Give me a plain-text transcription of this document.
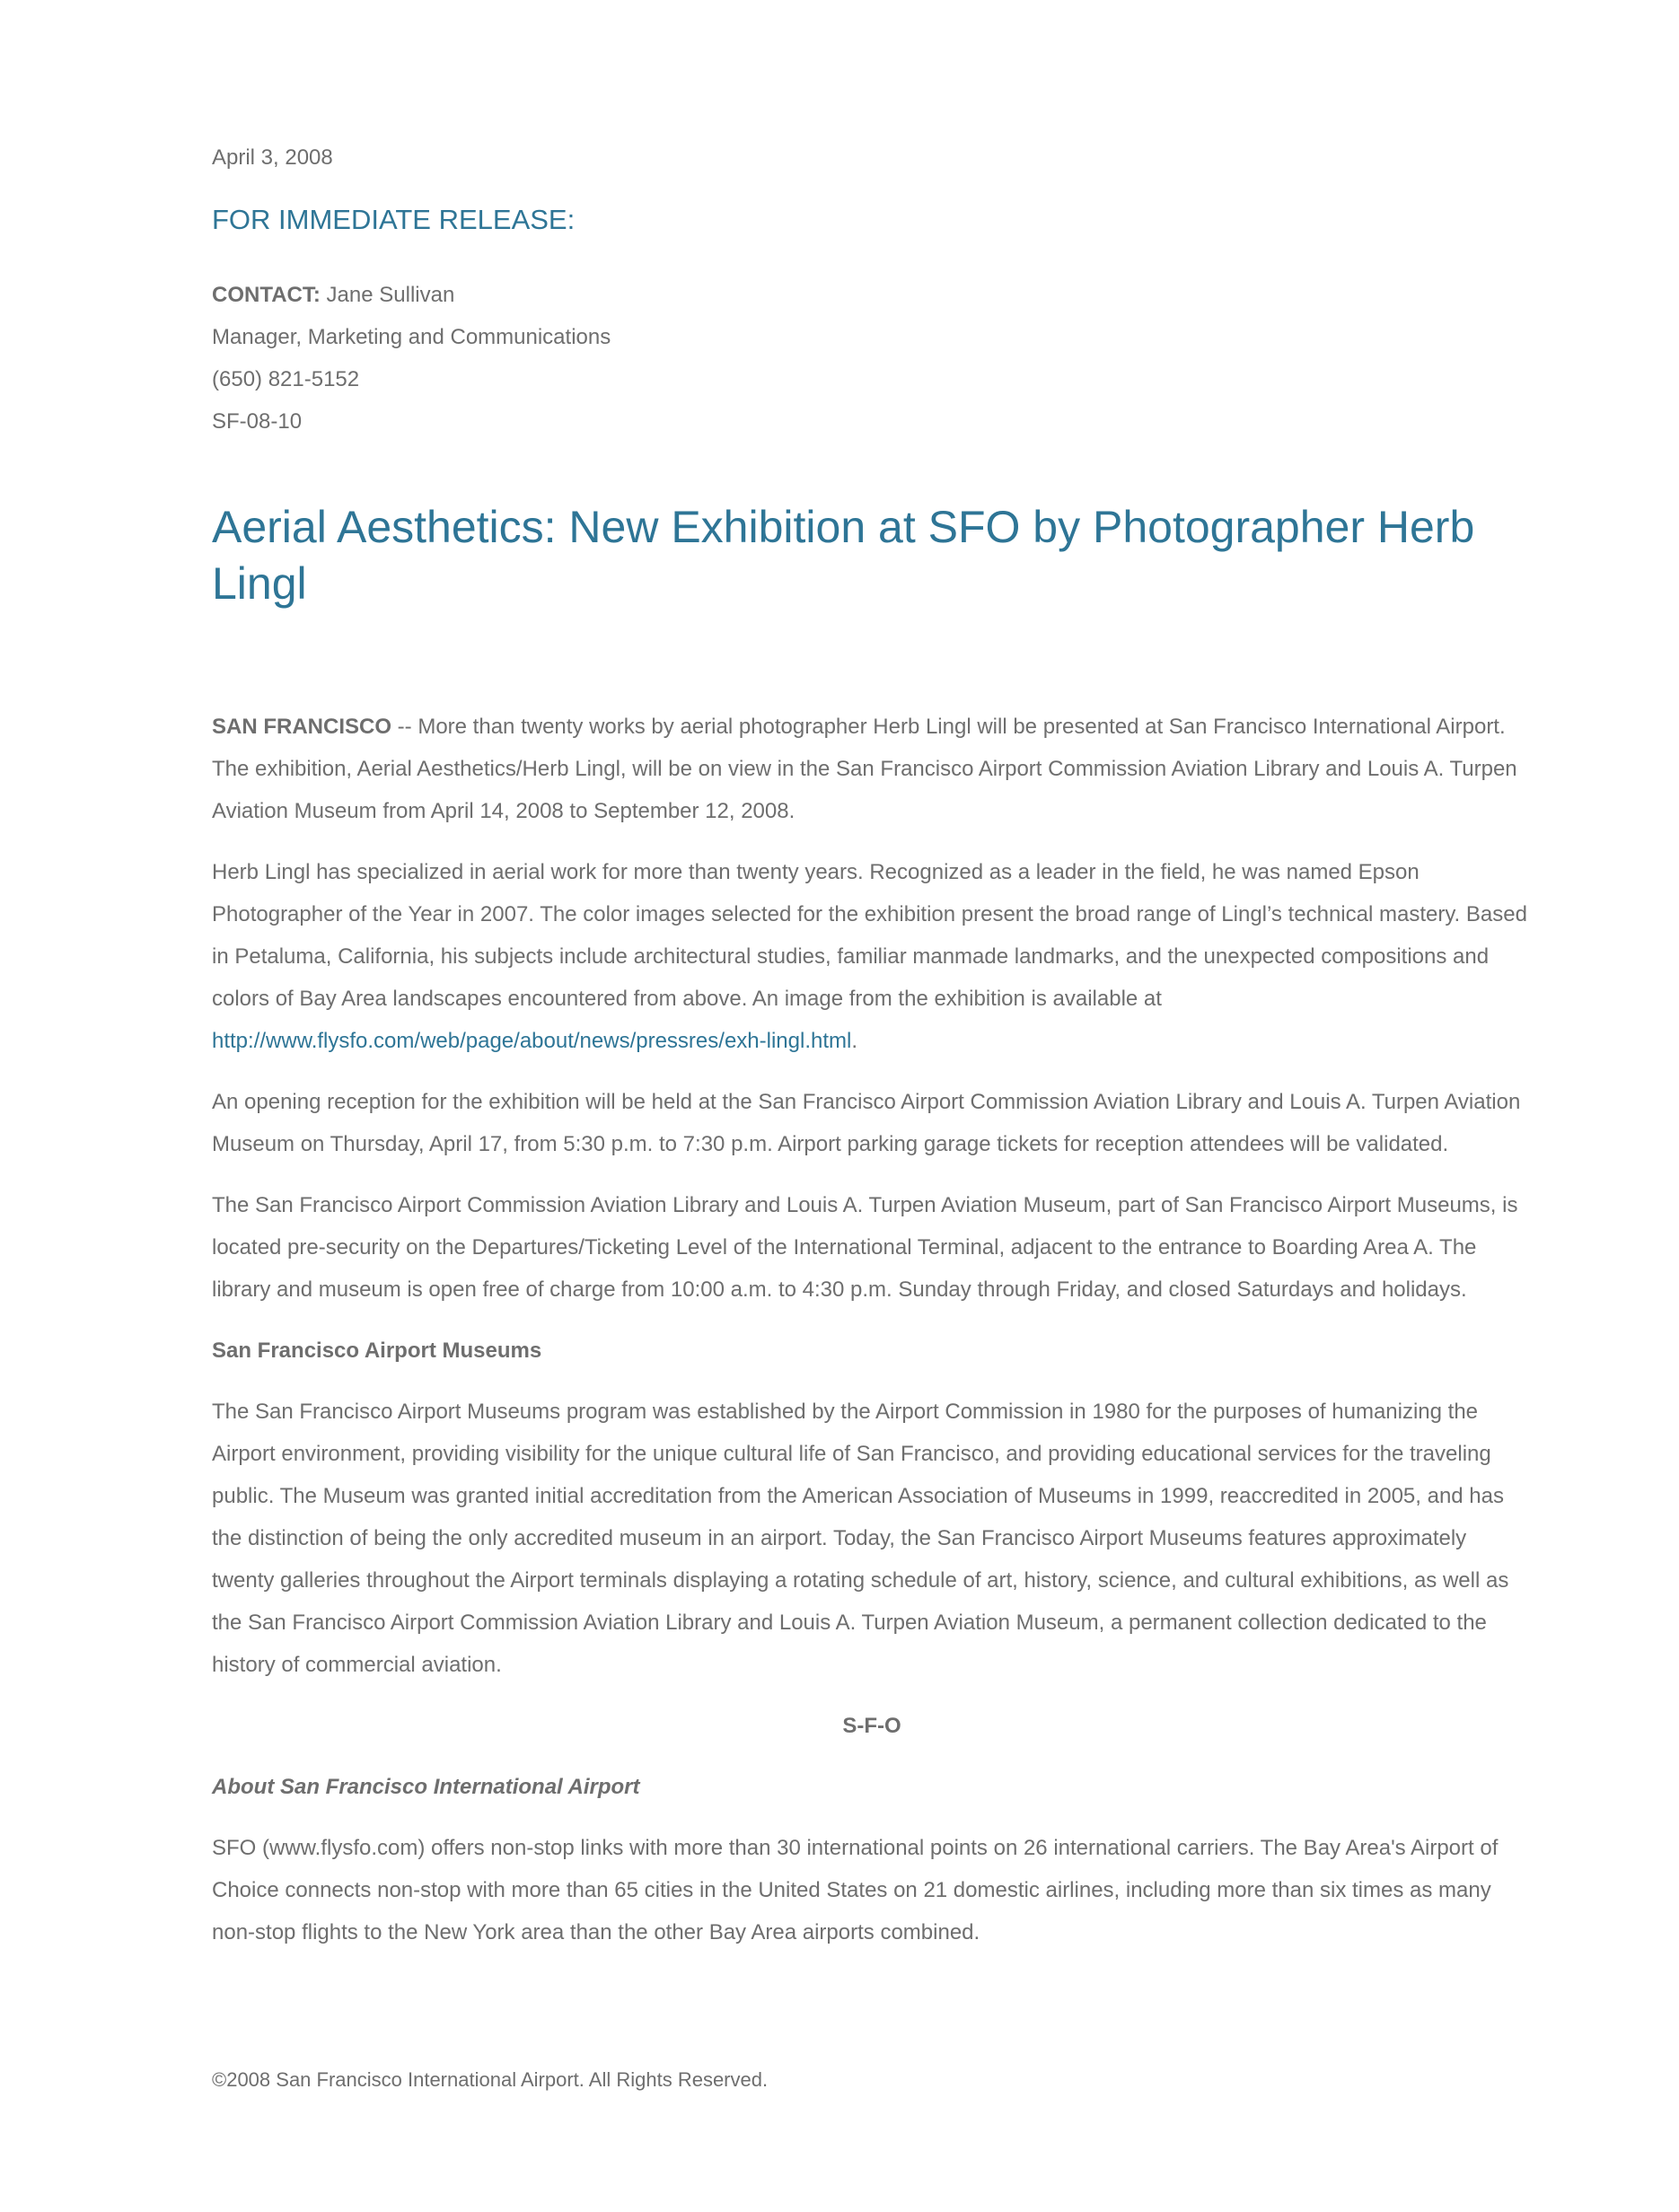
April 3, 2008
FOR IMMEDIATE RELEASE:
CONTACT: Jane Sullivan
Manager, Marketing and Communications
(650) 821-5152
SF-08-10
Aerial Aesthetics: New Exhibition at SFO by Photographer Herb Lingl

SAN FRANCISCO -- More than twenty works by aerial photographer Herb Lingl will be presented at San Francisco International Airport. The exhibition, Aerial Aesthetics/Herb Lingl, will be on view in the San Francisco Airport Commission Aviation Library and Louis A. Turpen Aviation Museum from April 14, 2008 to September 12, 2008.

Herb Lingl has specialized in aerial work for more than twenty years. Recognized as a leader in the field, he was named Epson Photographer of the Year in 2007. The color images selected for the exhibition present the broad range of Lingl’s technical mastery. Based in Petaluma, California, his subjects include architectural studies, familiar manmade landmarks, and the unexpected compositions and colors of Bay Area landscapes encountered from above. An image from the exhibition is available at http://www.flysfo.com/web/page/about/news/pressres/exh-lingl.html.

An opening reception for the exhibition will be held at the San Francisco Airport Commission Aviation Library and Louis A. Turpen Aviation Museum on Thursday, April 17, from 5:30 p.m. to 7:30 p.m. Airport parking garage tickets for reception attendees will be validated.

The San Francisco Airport Commission Aviation Library and Louis A. Turpen Aviation Museum, part of San Francisco Airport Museums, is located pre-security on the Departures/Ticketing Level of the International Terminal, adjacent to the entrance to Boarding Area A. The library and museum is open free of charge from 10:00 a.m. to 4:30 p.m. Sunday through Friday, and closed Saturdays and holidays.

San Francisco Airport Museums

The San Francisco Airport Museums program was established by the Airport Commission in 1980 for the purposes of humanizing the Airport environment, providing visibility for the unique cultural life of San Francisco, and providing educational services for the traveling public. The Museum was granted initial accreditation from the American Association of Museums in 1999, reaccredited in 2005, and has the distinction of being the only accredited museum in an airport. Today, the San Francisco Airport Museums features approximately twenty galleries throughout the Airport terminals displaying a rotating schedule of art, history, science, and cultural exhibitions, as well as the San Francisco Airport Commission Aviation Library and Louis A. Turpen Aviation Museum, a permanent collection dedicated to the history of commercial aviation.

S-F-O

About San Francisco International Airport

SFO (www.flysfo.com) offers non-stop links with more than 30 international points on 26 international carriers. The Bay Area's Airport of Choice connects non-stop with more than 65 cities in the United States on 21 domestic airlines, including more than six times as many non-stop flights to the New York area than the other Bay Area airports combined.

©2008 San Francisco International Airport. All Rights Reserved.
